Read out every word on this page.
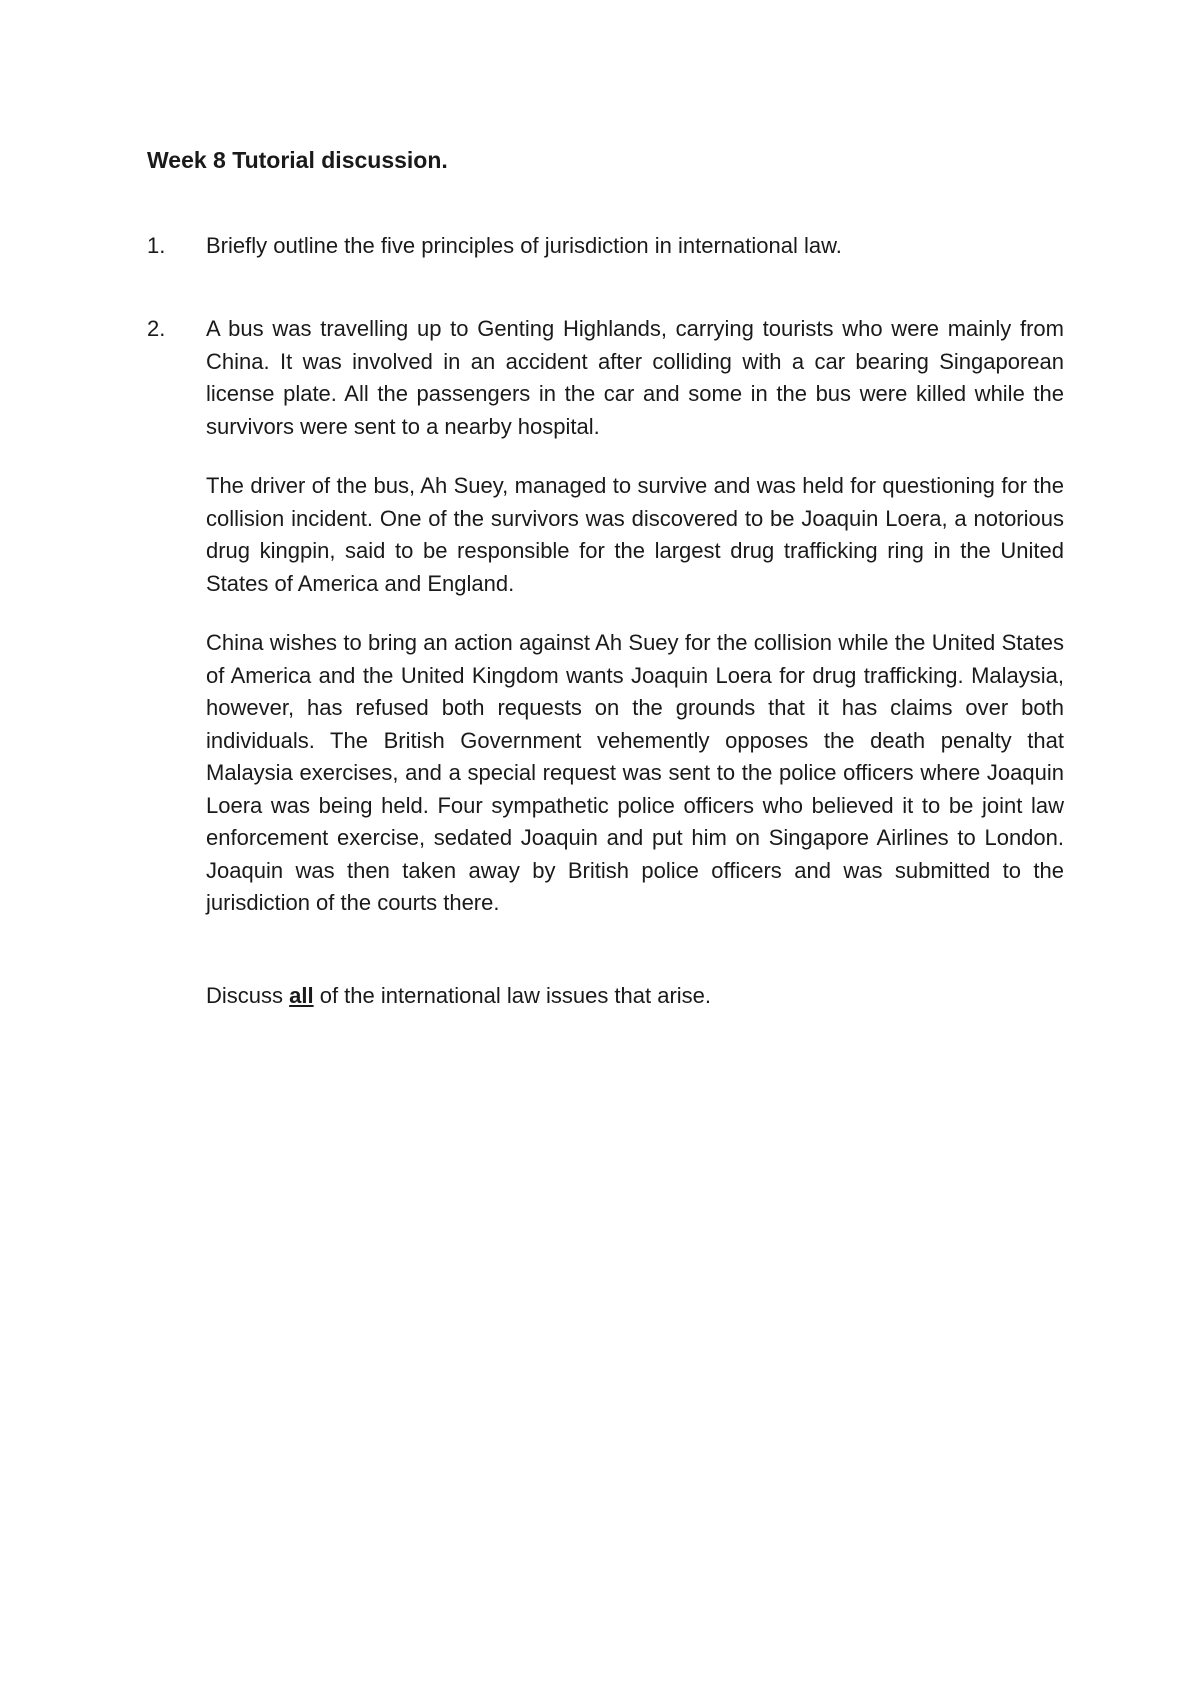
Week 8 Tutorial discussion.
1. Briefly outline the five principles of jurisdiction in international law.

2. A bus was travelling up to Genting Highlands, carrying tourists who were mainly from China. It was involved in an accident after colliding with a car bearing Singaporean license plate. All the passengers in the car and some in the bus were killed while the survivors were sent to a nearby hospital.

The driver of the bus, Ah Suey, managed to survive and was held for questioning for the collision incident. One of the survivors was discovered to be Joaquin Loera, a notorious drug kingpin, said to be responsible for the largest drug trafficking ring in the United States of America and England.

China wishes to bring an action against Ah Suey for the collision while the United States of America and the United Kingdom wants Joaquin Loera for drug trafficking. Malaysia, however, has refused both requests on the grounds that it has claims over both individuals. The British Government vehemently opposes the death penalty that Malaysia exercises, and a special request was sent to the police officers where Joaquin Loera was being held. Four sympathetic police officers who believed it to be joint law enforcement exercise, sedated Joaquin and put him on Singapore Airlines to London. Joaquin was then taken away by British police officers and was submitted to the jurisdiction of the courts there.

Discuss all of the international law issues that arise.
